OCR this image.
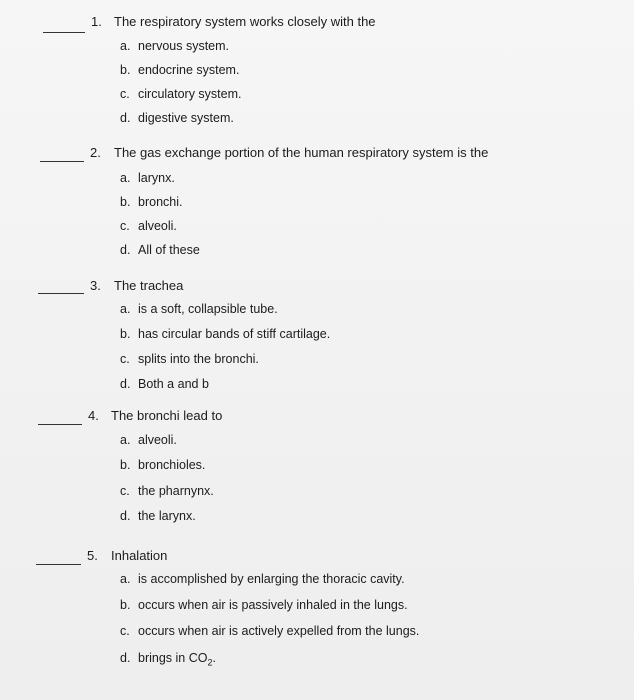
1. The respiratory system works closely with the
a. nervous system.
b. endocrine system.
c. circulatory system.
d. digestive system.
2. The gas exchange portion of the human respiratory system is the
a. larynx.
b. bronchi.
c. alveoli.
d. All of these
3. The trachea
a. is a soft, collapsible tube.
b. has circular bands of stiff cartilage.
c. splits into the bronchi.
d. Both a and b
4. The bronchi lead to
a. alveoli.
b. bronchioles.
c. the pharnynx.
d. the larynx.
5. Inhalation
a. is accomplished by enlarging the thoracic cavity.
b. occurs when air is passively inhaled in the lungs.
c. occurs when air is actively expelled from the lungs.
d. brings in $CO_2$.
